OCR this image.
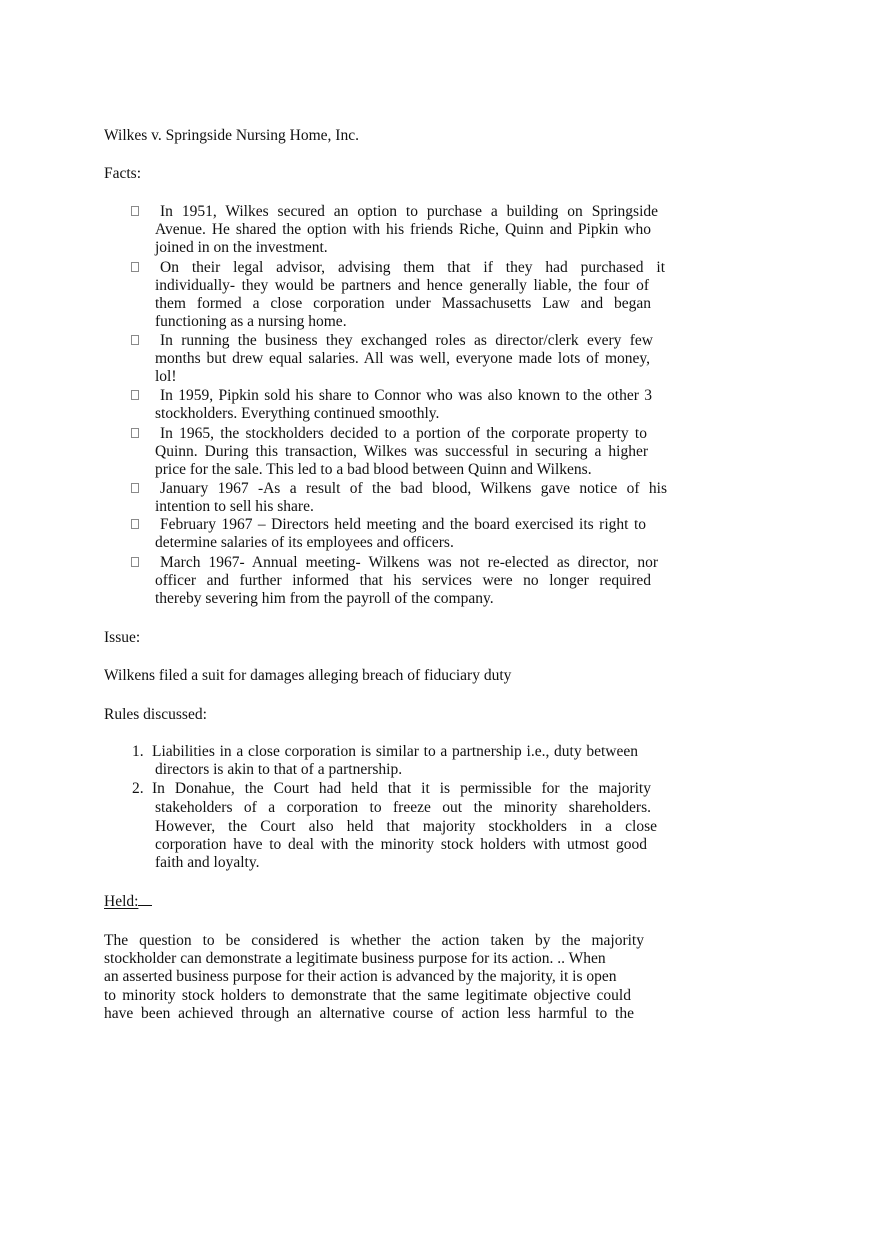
Wilkes v. Springside Nursing Home, Inc.
Facts:
In 1951, Wilkes secured an option to purchase a building on Springside
Avenue. He shared the option with his friends Riche, Quinn and Pipkin who
joined in on the investment.
On their legal advisor, advising them that if they had purchased it
individually- they would be partners and hence generally liable, the four of
them formed a close corporation under Massachusetts Law and began
functioning as a nursing home.
In running the business they exchanged roles as director/clerk every few
months but drew equal salaries. All was well, everyone made lots of money,
lol!
In 1959, Pipkin sold his share to Connor who was also known to the other 3
stockholders. Everything continued smoothly.
In 1965, the stockholders decided to a portion of the corporate property to
Quinn. During this transaction, Wilkes was successful in securing a higher
price for the sale. This led to a bad blood between Quinn and Wilkens.
January 1967 -As a result of the bad blood, Wilkens gave notice of his
intention to sell his share.
February 1967 – Directors held meeting and the board exercised its right to
determine salaries of its employees and officers.
March 1967- Annual meeting- Wilkens was not re-elected as director, nor
officer and further informed that his services were no longer required
thereby severing him from the payroll of the company.
Issue:
Wilkens filed a suit for damages alleging breach of fiduciary duty
Rules discussed:
1. Liabilities in a close corporation is similar to a partnership i.e., duty between
directors is akin to that of a partnership.
2. In Donahue, the Court had held that it is permissible for the majority
stakeholders of a corporation to freeze out the minority shareholders.
However, the Court also held that majority stockholders in a close
corporation have to deal with the minority stock holders with utmost good
faith and loyalty.
Held:
The question to be considered is whether the action taken by the majority
stockholder can demonstrate a legitimate business purpose for its action. .. When
an asserted business purpose for their action is advanced by the majority, it is open
to minority stock holders to demonstrate that the same legitimate objective could
have been achieved through an alternative course of action less harmful to the
